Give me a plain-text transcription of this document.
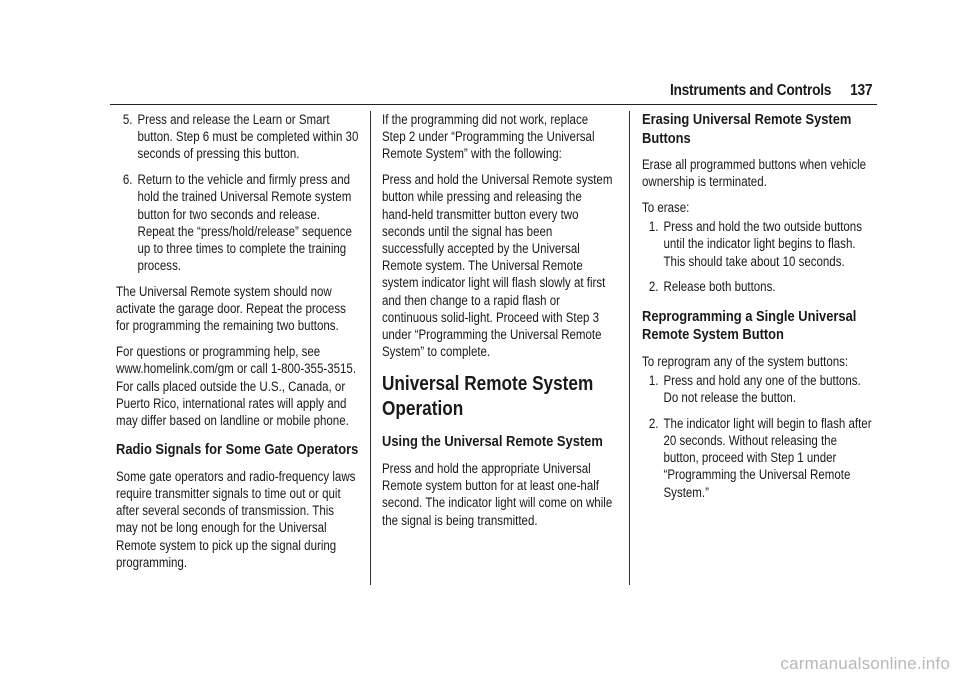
Instruments and Controls 137
5. Press and release the Learn or Smart button. Step 6 must be completed within 30 seconds of pressing this button.
6. Return to the vehicle and firmly press and hold the trained Universal Remote system button for two seconds and release. Repeat the “press/hold/release” sequence up to three times to complete the training process.

The Universal Remote system should now activate the garage door. Repeat the process for programming the remaining two buttons.

For questions or programming help, see www.homelink.com/gm or call 1-800-355-3515. For calls placed outside the U.S., Canada, or Puerto Rico, international rates will apply and may differ based on landline or mobile phone.

Radio Signals for Some Gate Operators

Some gate operators and radio-frequency laws require transmitter signals to time out or quit after several seconds of transmission. This may not be long enough for the Universal Remote system to pick up the signal during programming.

If the programming did not work, replace Step 2 under “Programming the Universal Remote System” with the following:

Press and hold the Universal Remote system button while pressing and releasing the hand-held transmitter button every two seconds until the signal has been successfully accepted by the Universal Remote system. The Universal Remote system indicator light will flash slowly at first and then change to a rapid flash or continuous solid-light. Proceed with Step 3 under “Programming the Universal Remote System” to complete.

Universal Remote System Operation
Using the Universal Remote System

Press and hold the appropriate Universal Remote system button for at least one-half second. The indicator light will come on while the signal is being transmitted.

Erasing Universal Remote System Buttons

Erase all programmed buttons when vehicle ownership is terminated.

To erase:

1. Press and hold the two outside buttons until the indicator light begins to flash. This should take about 10 seconds.
2. Release both buttons.
Reprogramming a Single Universal Remote System Button

To reprogram any of the system buttons:

1. Press and hold any one of the buttons. Do not release the button.
2. The indicator light will begin to flash after 20 seconds. Without releasing the button, proceed with Step 1 under “Programming the Universal Remote System.”
carmanualsonline.info
